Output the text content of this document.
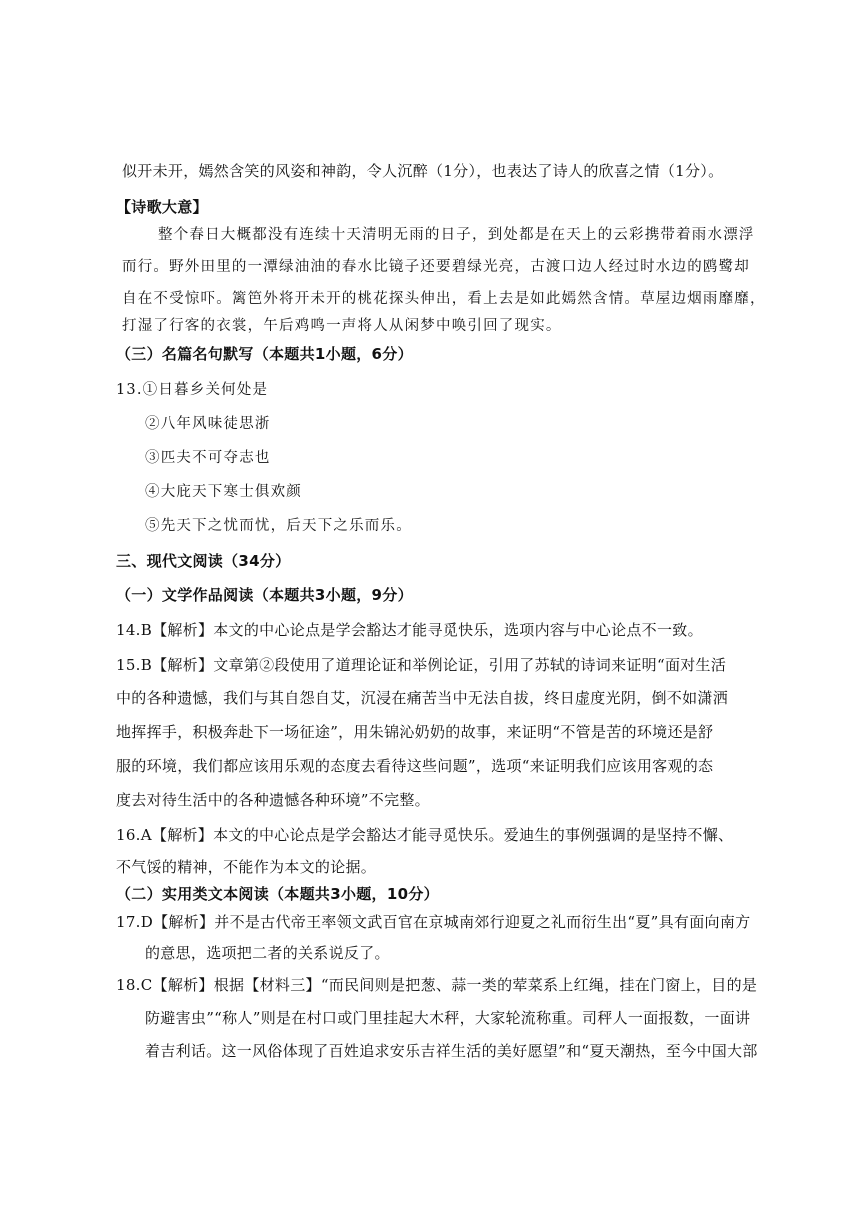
似开未开，嫣然含笑的风姿和神韵，令人沉醉（1分），也表达了诗人的欣喜之情（1分）。
【诗歌大意】
整个春日大概都没有连续十天清明无雨的日子，到处都是在天上的云彩携带着雨水漂浮
而行。野外田里的一潭绿油油的春水比镜子还要碧绿光亮，古渡口边人经过时水边的鸥鹭却
自在不受惊吓。篱笆外将开未开的桃花探头伸出，看上去是如此嫣然含情。草屋边烟雨靡靡，
打湿了行客的衣裳，午后鸡鸣一声将人从闲梦中唤引回了现实。
（三）名篇名句默写（本题共1小题，6分）
13.①日暮乡关何处是
②八年风味徒思浙
③匹夫不可夺志也
④大庇天下寒士俱欢颜
⑤先天下之忧而忧，后天下之乐而乐。
三、现代文阅读（34分）
（一）文学作品阅读（本题共3小题，9分）
14.B【解析】本文的中心论点是学会豁达才能寻觅快乐，选项内容与中心论点不一致。
15.B【解析】文章第②段使用了道理论证和举例论证，引用了苏轼的诗词来证明“面对生活
中的各种遗憾，我们与其自怨自艾，沉浸在痛苦当中无法自拔，终日虚度光阴，倒不如潇洒
地挥挥手，积极奔赴下一场征途”，用朱锦沁奶奶的故事，来证明“不管是苦的环境还是舒
服的环境，我们都应该用乐观的态度去看待这些问题”，选项“来证明我们应该用客观的态
度去对待生活中的各种遗憾各种环境”不完整。
16.A【解析】本文的中心论点是学会豁达才能寻觅快乐。爱迪生的事例强调的是坚持不懈、
不气馁的精神，不能作为本文的论据。
（二）实用类文本阅读（本题共3小题，10分）
17.D【解析】并不是古代帝王率领文武百官在京城南郊行迎夏之礼而衍生出“夏”具有面向南方
的意思，选项把二者的关系说反了。
18.C【解析】根据【材料三】“而民间则是把葱、蒜一类的荤菜系上红绳，挂在门窗上，目的是
防避害虫”“称人”则是在村口或门里挂起大木秤，大家轮流称重。司秤人一面报数，一面讲
着吉利话。这一风俗体现了百姓追求安乐吉祥生活的美好愿望”和“夏天潮热，至今中国大部
